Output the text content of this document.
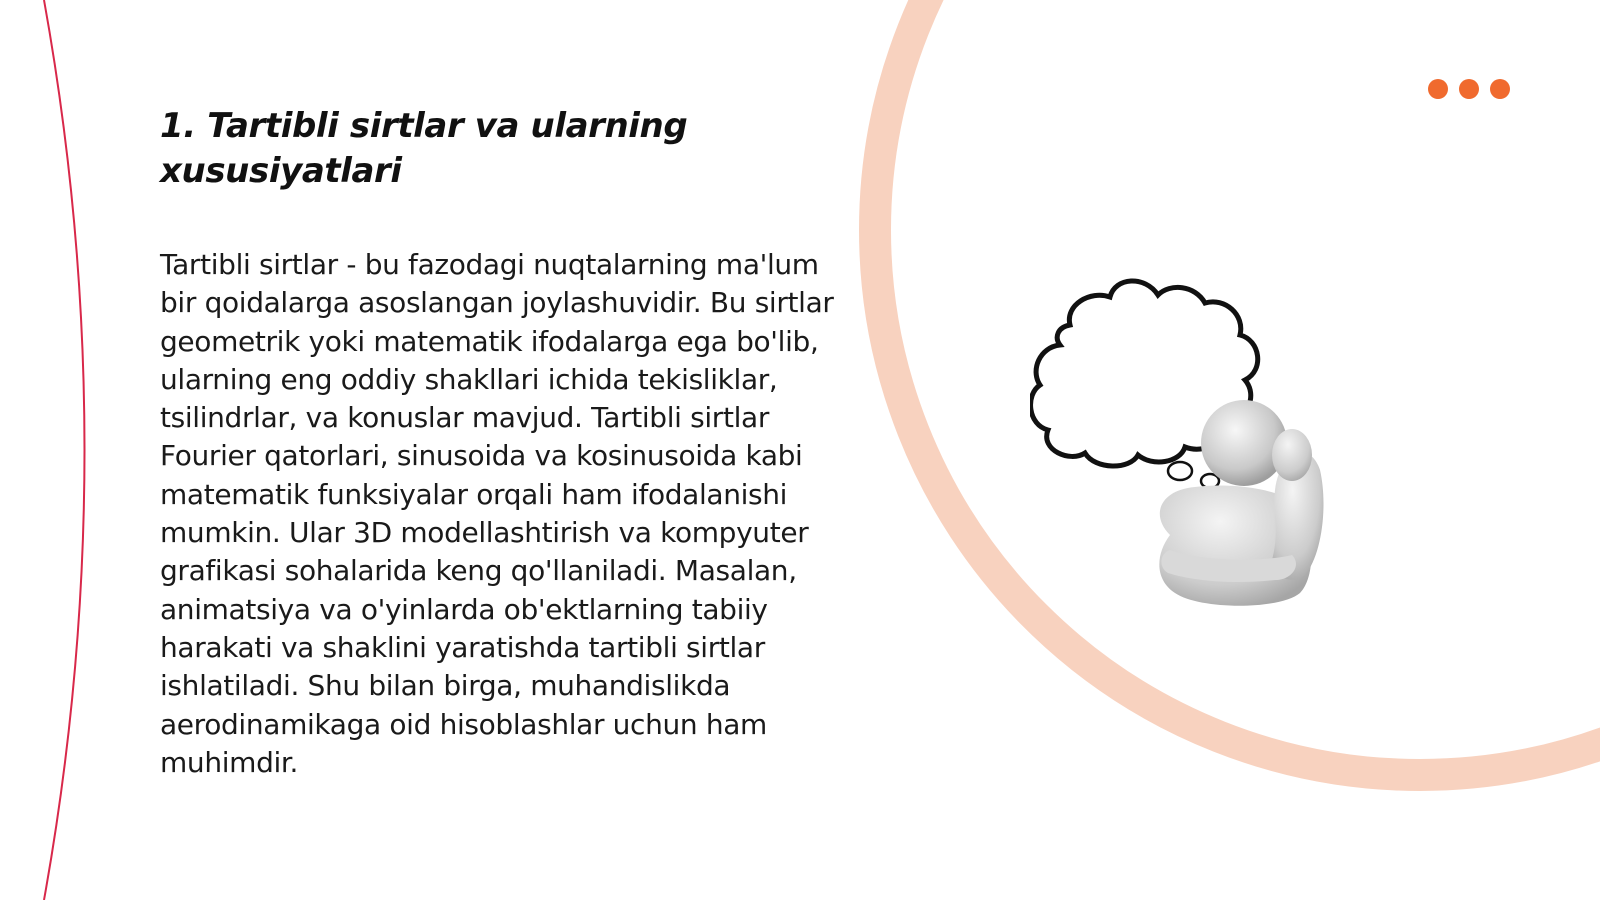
1. Tartibli sirtlar va ularning xususiyatlari

Tartibli sirtlar - bu fazodagi nuqtalarning ma'lum bir qoidalarga asoslangan joylashuvidir. Bu sirtlar geometrik yoki matematik ifodalarga ega bo'lib, ularning eng oddiy shakllari ichida tekisliklar, tsilindrlar, va konuslar mavjud. Tartibli sirtlar Fourier qatorlari, sinusoida va kosinusoida kabi matematik funksiyalar orqali ham ifodalanishi mumkin. Ular 3D modellashtirish va kompyuter grafikasi sohalarida keng qo'llaniladi. Masalan, animatsiya va o'yinlarda ob'ektlarning tabiiy harakati va shaklini yaratishda tartibli sirtlar ishlatiladi. Shu bilan birga, muhandislikda aerodinamikaga oid hisoblashlar uchun ham muhimdir.
